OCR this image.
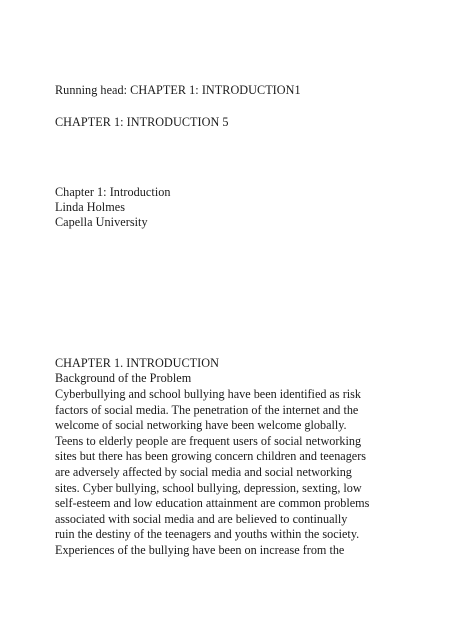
Running head: CHAPTER 1: INTRODUCTION1
CHAPTER 1: INTRODUCTION 5
Chapter 1: Introduction
Linda Holmes
Capella University
CHAPTER 1. INTRODUCTION
Background of the Problem
Cyberbullying and school bullying have been identified as risk
factors of social media. The penetration of the internet and the
welcome of social networking have been welcome globally.
Teens to elderly people are frequent users of social networking
sites but there has been growing concern children and teenagers
are adversely affected by social media and social networking
sites. Cyber bullying, school bullying, depression, sexting, low
self-esteem and low education attainment are common problems
associated with social media and are believed to continually
ruin the destiny of the teenagers and youths within the society.
Experiences of the bullying have been on increase from the
